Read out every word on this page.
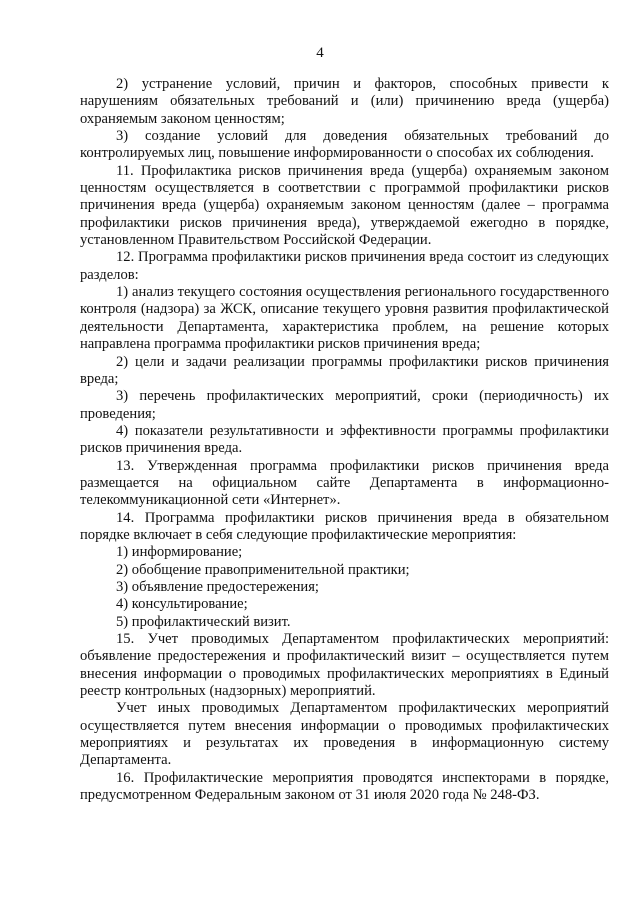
4

2) устранение условий, причин и факторов, способных привести к нарушениям обязательных требований и (или) причинению вреда (ущерба) охраняемым законом ценностям;

3) создание условий для доведения обязательных требований до контролируемых лиц, повышение информированности о способах их соблюдения.

11. Профилактика рисков причинения вреда (ущерба) охраняемым законом ценностям осуществляется в соответствии с программой профилактики рисков причинения вреда (ущерба) охраняемым законом ценностям (далее – программа профилактики рисков причинения вреда), утверждаемой ежегодно в порядке, установленном Правительством Российской Федерации.

12. Программа профилактики рисков причинения вреда состоит из следующих разделов:

1) анализ текущего состояния осуществления регионального государственного контроля (надзора) за ЖСК, описание текущего уровня развития профилактической деятельности Департамента, характеристика проблем, на решение которых направлена программа профилактики рисков причинения вреда;

2) цели и задачи реализации программы профилактики рисков причинения вреда;

3) перечень профилактических мероприятий, сроки (периодичность) их проведения;

4) показатели результативности и эффективности программы профилактики рисков причинения вреда.

13. Утвержденная программа профилактики рисков причинения вреда размещается на официальном сайте Департамента в информационно-телекоммуникационной сети «Интернет».

14. Программа профилактики рисков причинения вреда в обязательном порядке включает в себя следующие профилактические мероприятия:

1) информирование;

2) обобщение правоприменительной практики;

3) объявление предостережения;

4) консультирование;

5) профилактический визит.

15. Учет проводимых Департаментом профилактических мероприятий: объявление предостережения и профилактический визит – осуществляется путем внесения информации о проводимых профилактических мероприятиях в Единый реестр контрольных (надзорных) мероприятий.

Учет иных проводимых Департаментом профилактических мероприятий осуществляется путем внесения информации о проводимых профилактических мероприятиях и результатах их проведения в информационную систему Департамента.

16. Профилактические мероприятия проводятся инспекторами в порядке, предусмотренном Федеральным законом от 31 июля 2020 года № 248-ФЗ.
